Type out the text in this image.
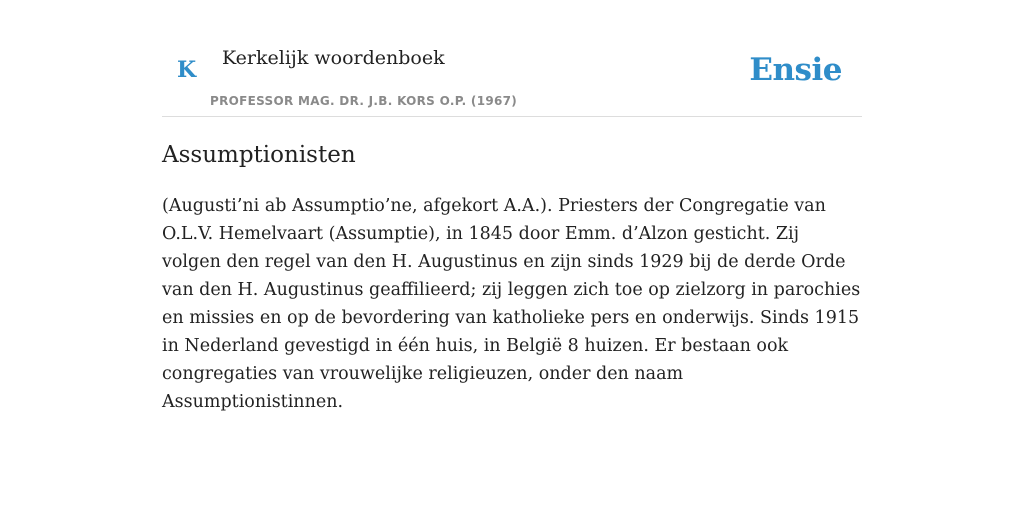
K Kerkelijk woordenboek
PROFESSOR MAG. DR. J.B. KORS O.P. (1967)
Ensie
Assumptionisten

(Augusti’ni ab Assumptio’ne, afgekort A.A.). Priesters der Congregatie van O.L.V. Hemelvaart (Assumptie), in 1845 door Emm. d’Alzon gesticht. Zij volgen den regel van den H. Augustinus en zijn sinds 1929 bij de derde Orde van den H. Augustinus geaffilieerd; zij leggen zich toe op zielzorg in parochies en missies en op de bevordering van katholieke pers en onderwijs. Sinds 1915 in Nederland gevestigd in één huis, in België 8 huizen. Er bestaan ook congregaties van vrouwelijke religieuzen, onder den naam Assumptionistinnen.
